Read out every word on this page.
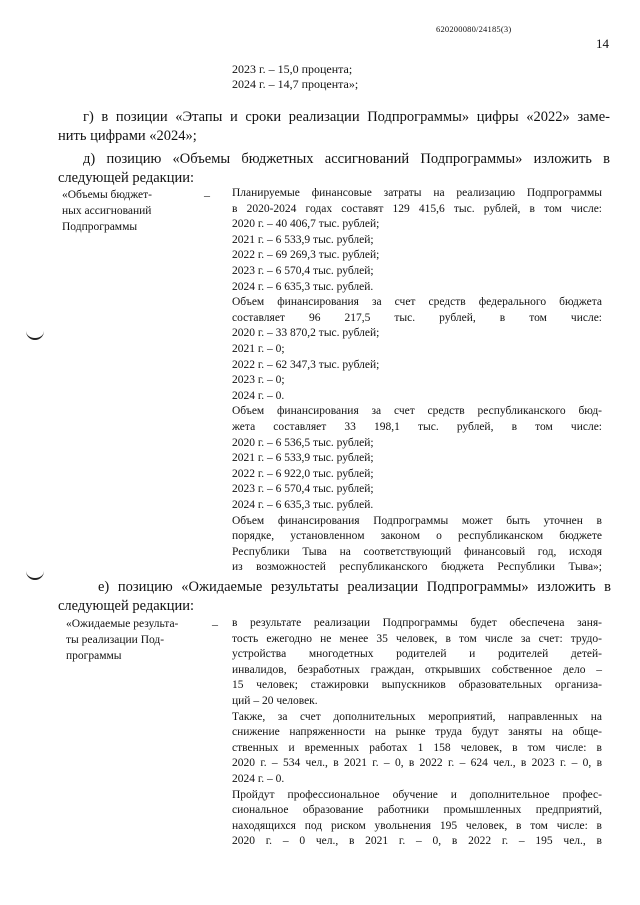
620200080/24185(3)
14
2023 г. – 15,0 процента;
2024 г. – 14,7 процента»;
г) в позиции «Этапы и сроки реализации Подпрограммы» цифры «2022» заме-
нить цифрами «2024»;
д) позицию «Объемы бюджетных ассигнований Подпрограммы» изложить в
следующей редакции:
«Объемы бюджет-
ных ассигнований
Подпрограммы
– Планируемые финансовые затраты на реализацию Подпрограммы
в 2020-2024 годах составят 129 415,6 тыс. рублей, в том числе:
2020 г. – 40 406,7 тыс. рублей;
2021 г. – 6 533,9 тыс. рублей;
2022 г. – 69 269,3 тыс. рублей;
2023 г. – 6 570,4 тыс. рублей;
2024 г. – 6 635,3 тыс. рублей.
Объем финансирования за счет средств федерального бюджета
составляет 96 217,5 тыс. рублей, в том числе:
2020 г. – 33 870,2 тыс. рублей;
2021 г. – 0;
2022 г. – 62 347,3 тыс. рублей;
2023 г. – 0;
2024 г. – 0.
Объем финансирования за счет средств республиканского бюд-
жета составляет 33 198,1 тыс. рублей, в том числе:
2020 г. – 6 536,5 тыс. рублей;
2021 г. – 6 533,9 тыс. рублей;
2022 г. – 6 922,0 тыс. рублей;
2023 г. – 6 570,4 тыс. рублей;
2024 г. – 6 635,3 тыс. рублей.
Объем финансирования Подпрограммы может быть уточнен в
порядке, установленном законом о республиканском бюджете
Республики Тыва на соответствующий финансовый год, исходя
из возможностей республиканского бюджета Республики Тыва»;
е) позицию «Ожидаемые результаты реализации Подпрограммы» изложить в
следующей редакции:
«Ожидаемые результа-
ты реализации Под-
программы
– в результате реализации Подпрограммы будет обеспечена заня-
тость ежегодно не менее 35 человек, в том числе за счет: трудо-
устройства многодетных родителей и родителей детей-
инвалидов, безработных граждан, открывших собственное дело –
15 человек; стажировки выпускников образовательных организа-
ций – 20 человек.
Также, за счет дополнительных мероприятий, направленных на
снижение напряженности на рынке труда будут заняты на обще-
ственных и временных работах 1 158 человек, в том числе: в
2020 г. – 534 чел., в 2021 г. – 0, в 2022 г. – 624 чел., в 2023 г. – 0, в
2024 г. – 0.
Пройдут профессиональное обучение и дополнительное профес-
сиональное образование работники промышленных предприятий,
находящихся под риском увольнения 195 человек, в том числе: в
2020 г. – 0 чел., в 2021 г. – 0, в 2022 г. – 195 чел., в
